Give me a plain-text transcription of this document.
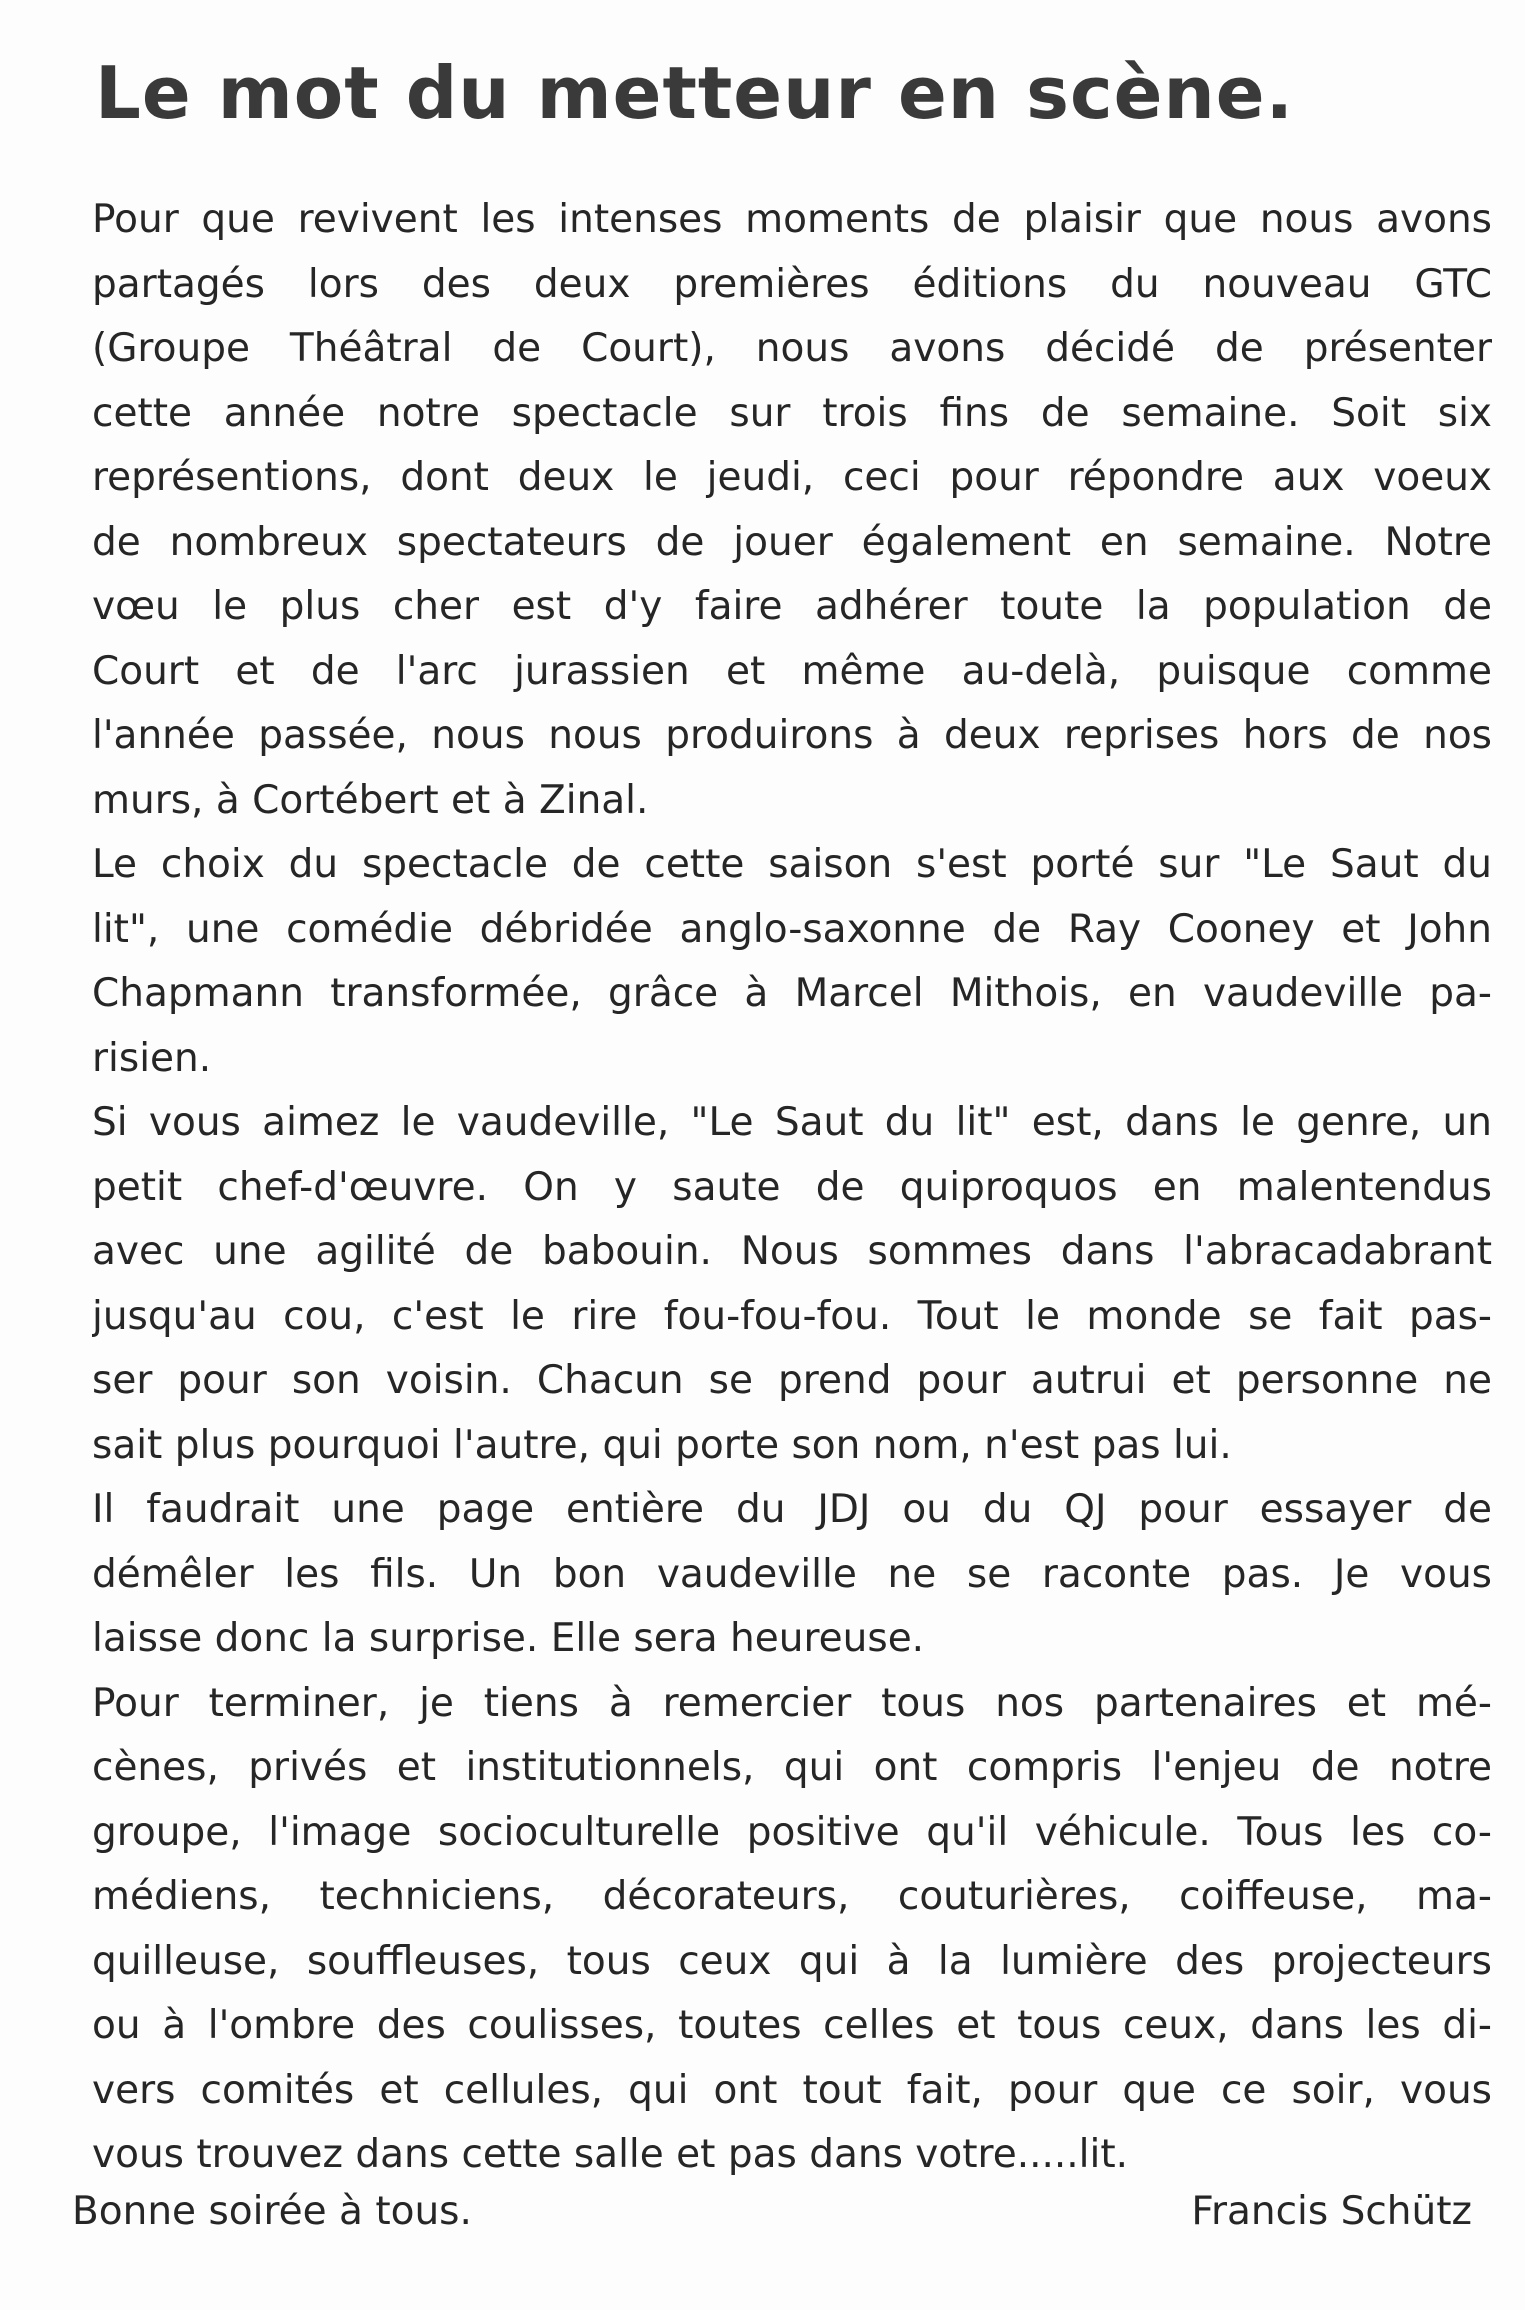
Le mot du metteur en scène.
Pour que revivent les intenses moments de plaisir que nous avons
partagés lors des deux premières éditions du nouveau GTC
(Groupe Théâtral de Court), nous avons décidé de présenter
cette année notre spectacle sur trois fins de semaine. Soit six
représentions, dont deux le jeudi, ceci pour répondre aux voeux
de nombreux spectateurs de jouer également en semaine. Notre
vœu le plus cher est d'y faire adhérer toute la population de
Court et de l'arc jurassien et même au-delà, puisque comme
l'année passée, nous nous produirons à deux reprises hors de nos
murs, à Cortébert et à Zinal.
Le choix du spectacle de cette saison s'est porté sur "Le Saut du
lit", une comédie débridée anglo-saxonne de Ray Cooney et John
Chapmann transformée, grâce à Marcel Mithois, en vaudeville pa-
risien.
Si vous aimez le vaudeville, "Le Saut du lit" est, dans le genre, un
petit chef-d'œuvre. On y saute de quiproquos en malentendus
avec une agilité de babouin. Nous sommes dans l'abracadabrant
jusqu'au cou, c'est le rire fou-fou-fou. Tout le monde se fait pas-
ser pour son voisin. Chacun se prend pour autrui et personne ne
sait plus pourquoi l'autre, qui porte son nom, n'est pas lui.
Il faudrait une page entière du JDJ ou du QJ pour essayer de
démêler les fils. Un bon vaudeville ne se raconte pas. Je vous
laisse donc la surprise. Elle sera heureuse.
Pour terminer, je tiens à remercier tous nos partenaires et mé-
cènes, privés et institutionnels, qui ont compris l'enjeu de notre
groupe, l'image socioculturelle positive qu'il véhicule. Tous les co-
médiens, techniciens, décorateurs, couturières, coiffeuse, ma-
quilleuse, souffleuses, tous ceux qui à la lumière des projecteurs
ou à l'ombre des coulisses, toutes celles et tous ceux, dans les di-
vers comités et cellules, qui ont tout fait, pour que ce soir, vous
vous trouvez dans cette salle et pas dans votre.....lit.
Bonne soirée à tous.	Francis Schütz
